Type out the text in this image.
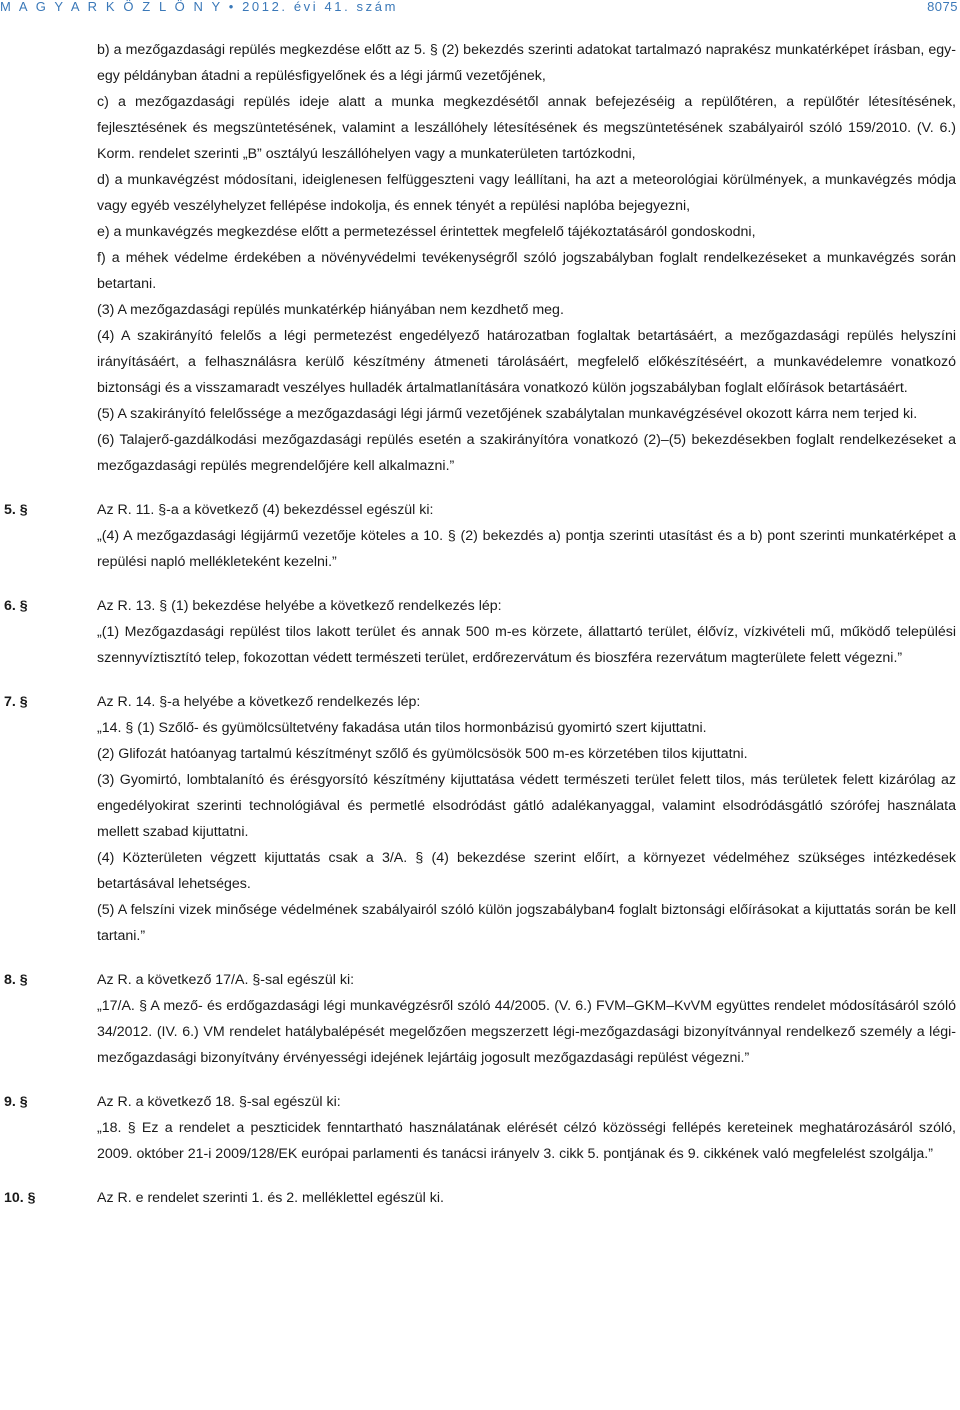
M A G Y A R K Ö Z L Ö N Y • 2012. évi 41. szám	8075

b) a mezőgazdasági repülés megkezdése előtt az 5. § (2) bekezdés szerinti adatokat tartalmazó naprakész munkatérképet írásban, egy-egy példányban átadni a repülésfigyelőnek és a légi jármű vezetőjének,

c) a mezőgazdasági repülés ideje alatt a munka megkezdésétől annak befejezéséig a repülőtéren, a repülőtér létesítésének, fejlesztésének és megszüntetésének, valamint a leszállóhely létesítésének és megszüntetésének szabályairól szóló 159/2010. (V. 6.) Korm. rendelet szerinti „B” osztályú leszállóhelyen vagy a munkaterületen tartózkodni,

d) a munkavégzést módosítani, ideiglenesen felfüggeszteni vagy leállítani, ha azt a meteorológiai körülmények, a munkavégzés módja vagy egyéb veszélyhelyzet fellépése indokolja, és ennek tényét a repülési naplóba bejegyezni,

e) a munkavégzés megkezdése előtt a permetezéssel érintettek megfelelő tájékoztatásáról gondoskodni,

f) a méhek védelme érdekében a növényvédelmi tevékenységről szóló jogszabályban foglalt rendelkezéseket a munkavégzés során betartani.

(3) A mezőgazdasági repülés munkatérkép hiányában nem kezdhető meg.

(4) A szakirányító felelős a légi permetezést engedélyező határozatban foglaltak betartásáért, a mezőgazdasági repülés helyszíni irányításáért, a felhasználásra kerülő készítmény átmeneti tárolásáért, megfelelő előkészítéséért, a munkavédelemre vonatkozó biztonsági és a visszamaradt veszélyes hulladék ártalmatlanítására vonatkozó külön jogszabályban foglalt előírások betartásáért.

(5) A szakirányító felelőssége a mezőgazdasági légi jármű vezetőjének szabálytalan munkavégzésével okozott kárra nem terjed ki.

(6) Talajerő-gazdálkodási mezőgazdasági repülés esetén a szakirányítóra vonatkozó (2)–(5) bekezdésekben foglalt rendelkezéseket a mezőgazdasági repülés megrendelőjére kell alkalmazni.”

5. §	Az R. 11. §-a a következő (4) bekezdéssel egészül ki:

„(4) A mezőgazdasági légijármű vezetője köteles a 10. § (2) bekezdés a) pontja szerinti utasítást és a b) pont szerinti munkatérképet a repülési napló mellékleteként kezelni.”

6. §	Az R. 13. § (1) bekezdése helyébe a következő rendelkezés lép:

„(1) Mezőgazdasági repülést tilos lakott terület és annak 500 m-es körzete, állattartó terület, élővíz, vízkivételi mű, működő települési szennyvíztisztító telep, fokozottan védett természeti terület, erdőrezervátum és bioszféra rezervátum magterülete felett végezni.”

7. §	Az R. 14. §-a helyébe a következő rendelkezés lép:

„14. § (1) Szőlő- és gyümölcsültetvény fakadása után tilos hormonbázisú gyomirtó szert kijuttatni.

(2) Glifozát hatóanyag tartalmú készítményt szőlő és gyümölcsösök 500 m-es körzetében tilos kijuttatni.

(3) Gyomirtó, lombtalanító és érésgyorsító készítmény kijuttatása védett természeti terület felett tilos, más területek felett kizárólag az engedélyokirat szerinti technológiával és permetlé elsodródást gátló adalékanyaggal, valamint elsodródásgátló szórófej használata mellett szabad kijuttatni.

(4) Közterületen végzett kijuttatás csak a 3/A. § (4) bekezdése szerint előírt, a környezet védelméhez szükséges intézkedések betartásával lehetséges.

(5) A felszíni vizek minősége védelmének szabályairól szóló külön jogszabályban4 foglalt biztonsági előírásokat a kijuttatás során be kell tartani.”

8. §	Az R. a következő 17/A. §-sal egészül ki:

„17/A. § A mező- és erdőgazdasági légi munkavégzésről szóló 44/2005. (V. 6.) FVM–GKM–KvVM együttes rendelet módosításáról szóló 34/2012. (IV. 6.) VM rendelet hatálybalépését megelőzően megszerzett légi-mezőgazdasági bizonyítvánnyal rendelkező személy a légi-mezőgazdasági bizonyítvány érvényességi idejének lejártáig jogosult mezőgazdasági repülést végezni.”

9. §	Az R. a következő 18. §-sal egészül ki:

„18. § Ez a rendelet a peszticidek fenntartható használatának elérését célzó közösségi fellépés kereteinek meghatározásáról szóló, 2009. október 21-i 2009/128/EK európai parlamenti és tanácsi irányelv 3. cikk 5. pontjának és 9. cikkének való megfelelést szolgálja.”

10. §	Az R. e rendelet szerinti 1. és 2. melléklettel egészül ki.
